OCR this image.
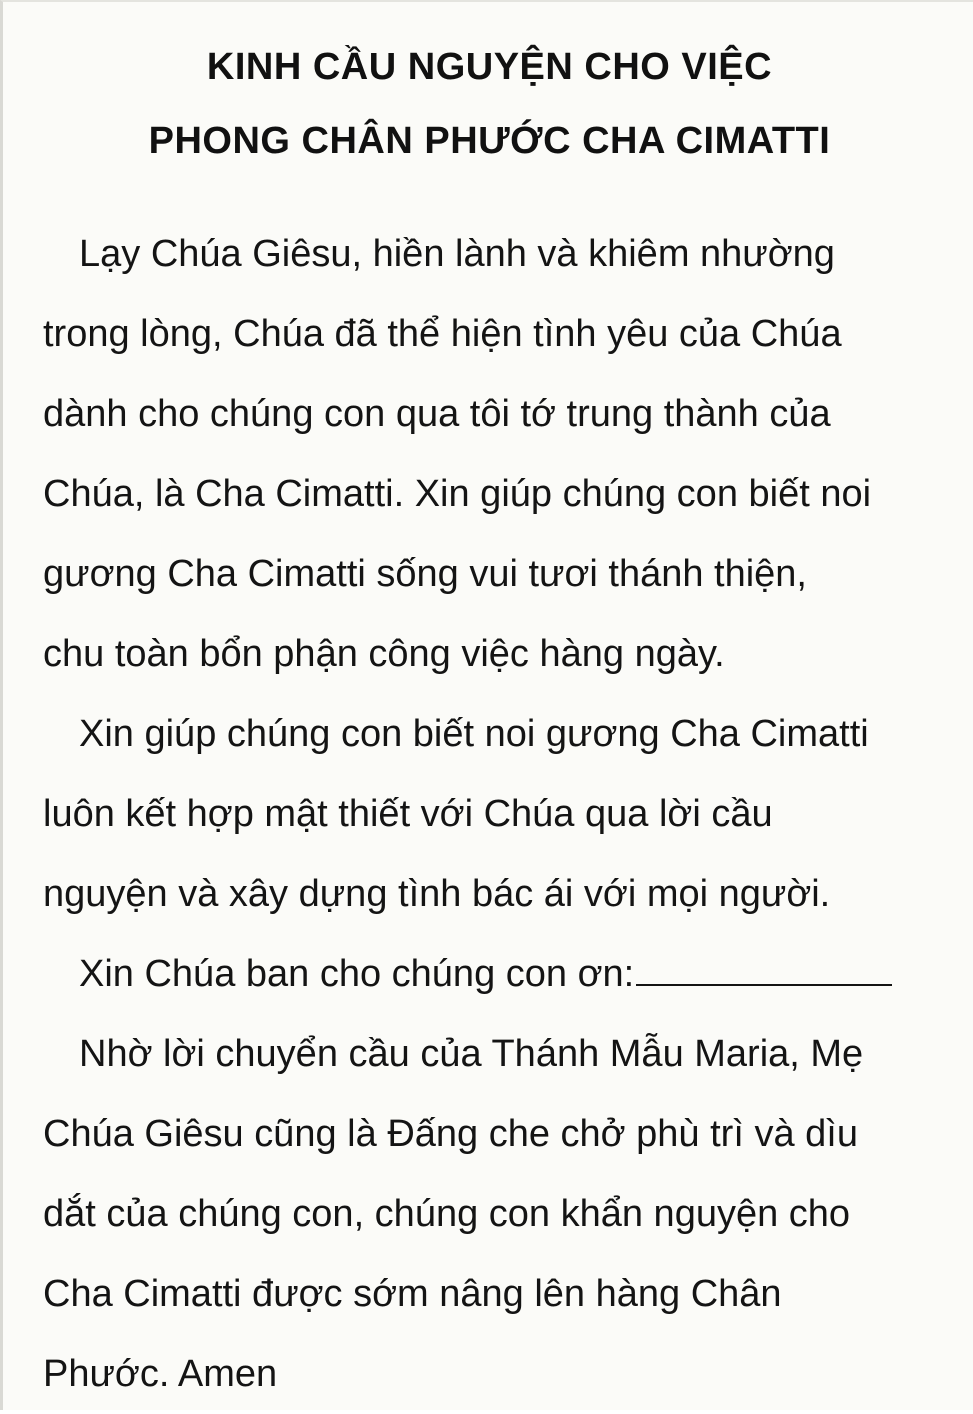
KINH CẦU NGUYỆN CHO VIỆC
PHONG CHÂN PHƯỚC CHA CIMATTI
Lạy Chúa Giêsu, hiền lành và khiêm nhường
trong lòng, Chúa đã thể hiện tình yêu của Chúa
dành cho chúng con qua tôi tớ trung thành của
Chúa, là Cha Cimatti. Xin giúp chúng con biết noi
gương Cha Cimatti sống vui tươi thánh thiện,
chu toàn bổn phận công việc hàng ngày.
Xin giúp chúng con biết noi gương Cha Cimatti
luôn kết hợp mật thiết với Chúa qua lời cầu
nguyện và xây dựng tình bác ái với mọi người.
Xin Chúa ban cho chúng con ơn:
Nhờ lời chuyển cầu của Thánh Mẫu Maria, Mẹ
Chúa Giêsu cũng là Đấng che chở phù trì và dìu
dắt của chúng con, chúng con khẩn nguyện cho
Cha Cimatti được sớm nâng lên hàng Chân
Phước. Amen
